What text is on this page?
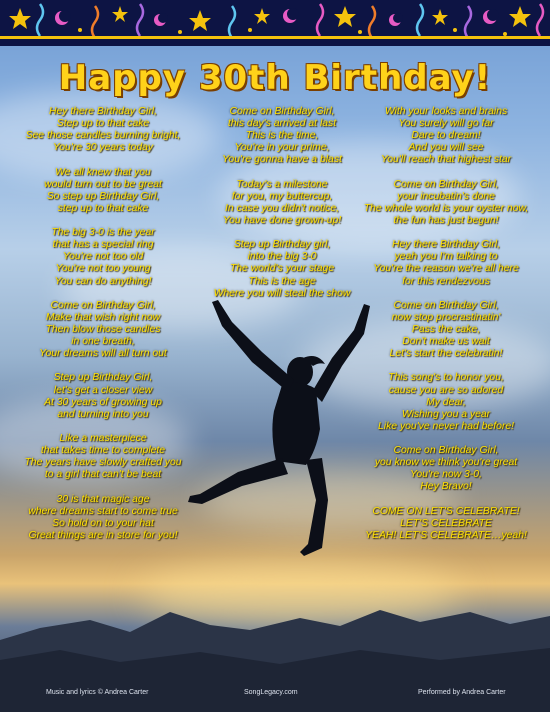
Happy 30th Birthday!
Hey there Birthday Girl,
Step up to that cake
See those candles burning bright,
You're 30 years today
We all knew that you
would turn out to be great
So step up Birthday Girl,
step up to that cake
The big 3-0 is the year
that has a special ring
You're not too old
You're not too young
You can do anything!
Come on Birthday Girl,
Make that wish right now
Then blow those candles
in one breath,
Your dreams will all turn out
Step up Birthday Girl,
let's get a closer view
At 30 years of growing up
and turning into you
Like a masterpiece
that takes time to complete
The years have slowly crafted you
to a girl that can't be beat
30 is that magic age
where dreams start to come true
So hold on to your hat
Great things are in store for you!
Come on Birthday Girl,
this day's arrived at last
This is the time,
You're in your prime,
You're gonna have a blast
Today's a milestone
for you, my buttercup,
In case you didn't notice,
You have done grown-up!
Step up Birthday girl,
into the big 3-0
The world's your stage
This is the age
Where you will steal the show
With your looks and brains
You surely will go far
Dare to dream!
And you will see
You'll reach that highest star
Come on Birthday Girl,
your incubatin's done
The whole world is your oyster now,
the fun has just begun!
Hey there Birthday Girl,
yeah you I'm talking to
You're the reason we're all here
for this rendezvous
Come on Birthday Girl,
now stop procrastinatin'
Pass the cake,
Don't make us wait
Let's start the celebratin!
This song's to honor you,
cause you are so adored
My dear,
Wishing you a year
Like you've never had before!
Come on Birthday Girl,
you know we think you're great
You're now 3-0,
Hey Bravo!
COME ON LET'S CELEBRATE!
LET'S CELEBRATE
YEAH! LET'S CELEBRATE…yeah!
Music and lyrics © Andrea Carter	SongLegacy.com	Performed by Andrea Carter
